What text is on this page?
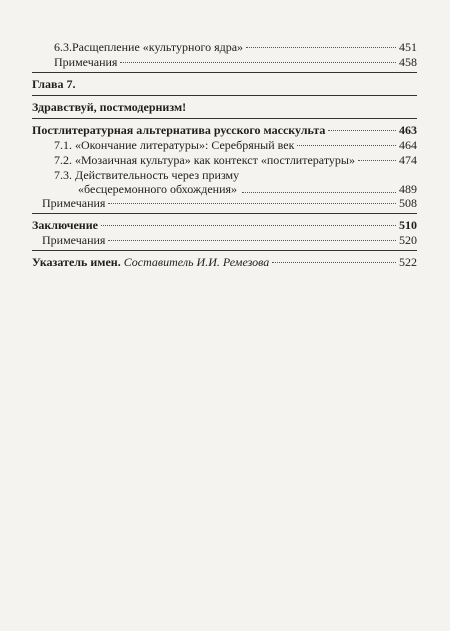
6.3.Расщепление «культурного ядра»	451
Примечания	458
Глава 7.
Здравствуй, постмодернизм!
Постлитературная альтернатива русского масскульта	463
7.1. «Окончание литературы»: Серебряный век	464
7.2. «Мозаичная культура» как контекст «постлитературы»	474
7.3. Действительность через призму
«бесцеремонного обхождения»	489
Примечания	508
Заключение	510
Примечания	520
Указатель имен. Составитель И.И. Ремезова	522
